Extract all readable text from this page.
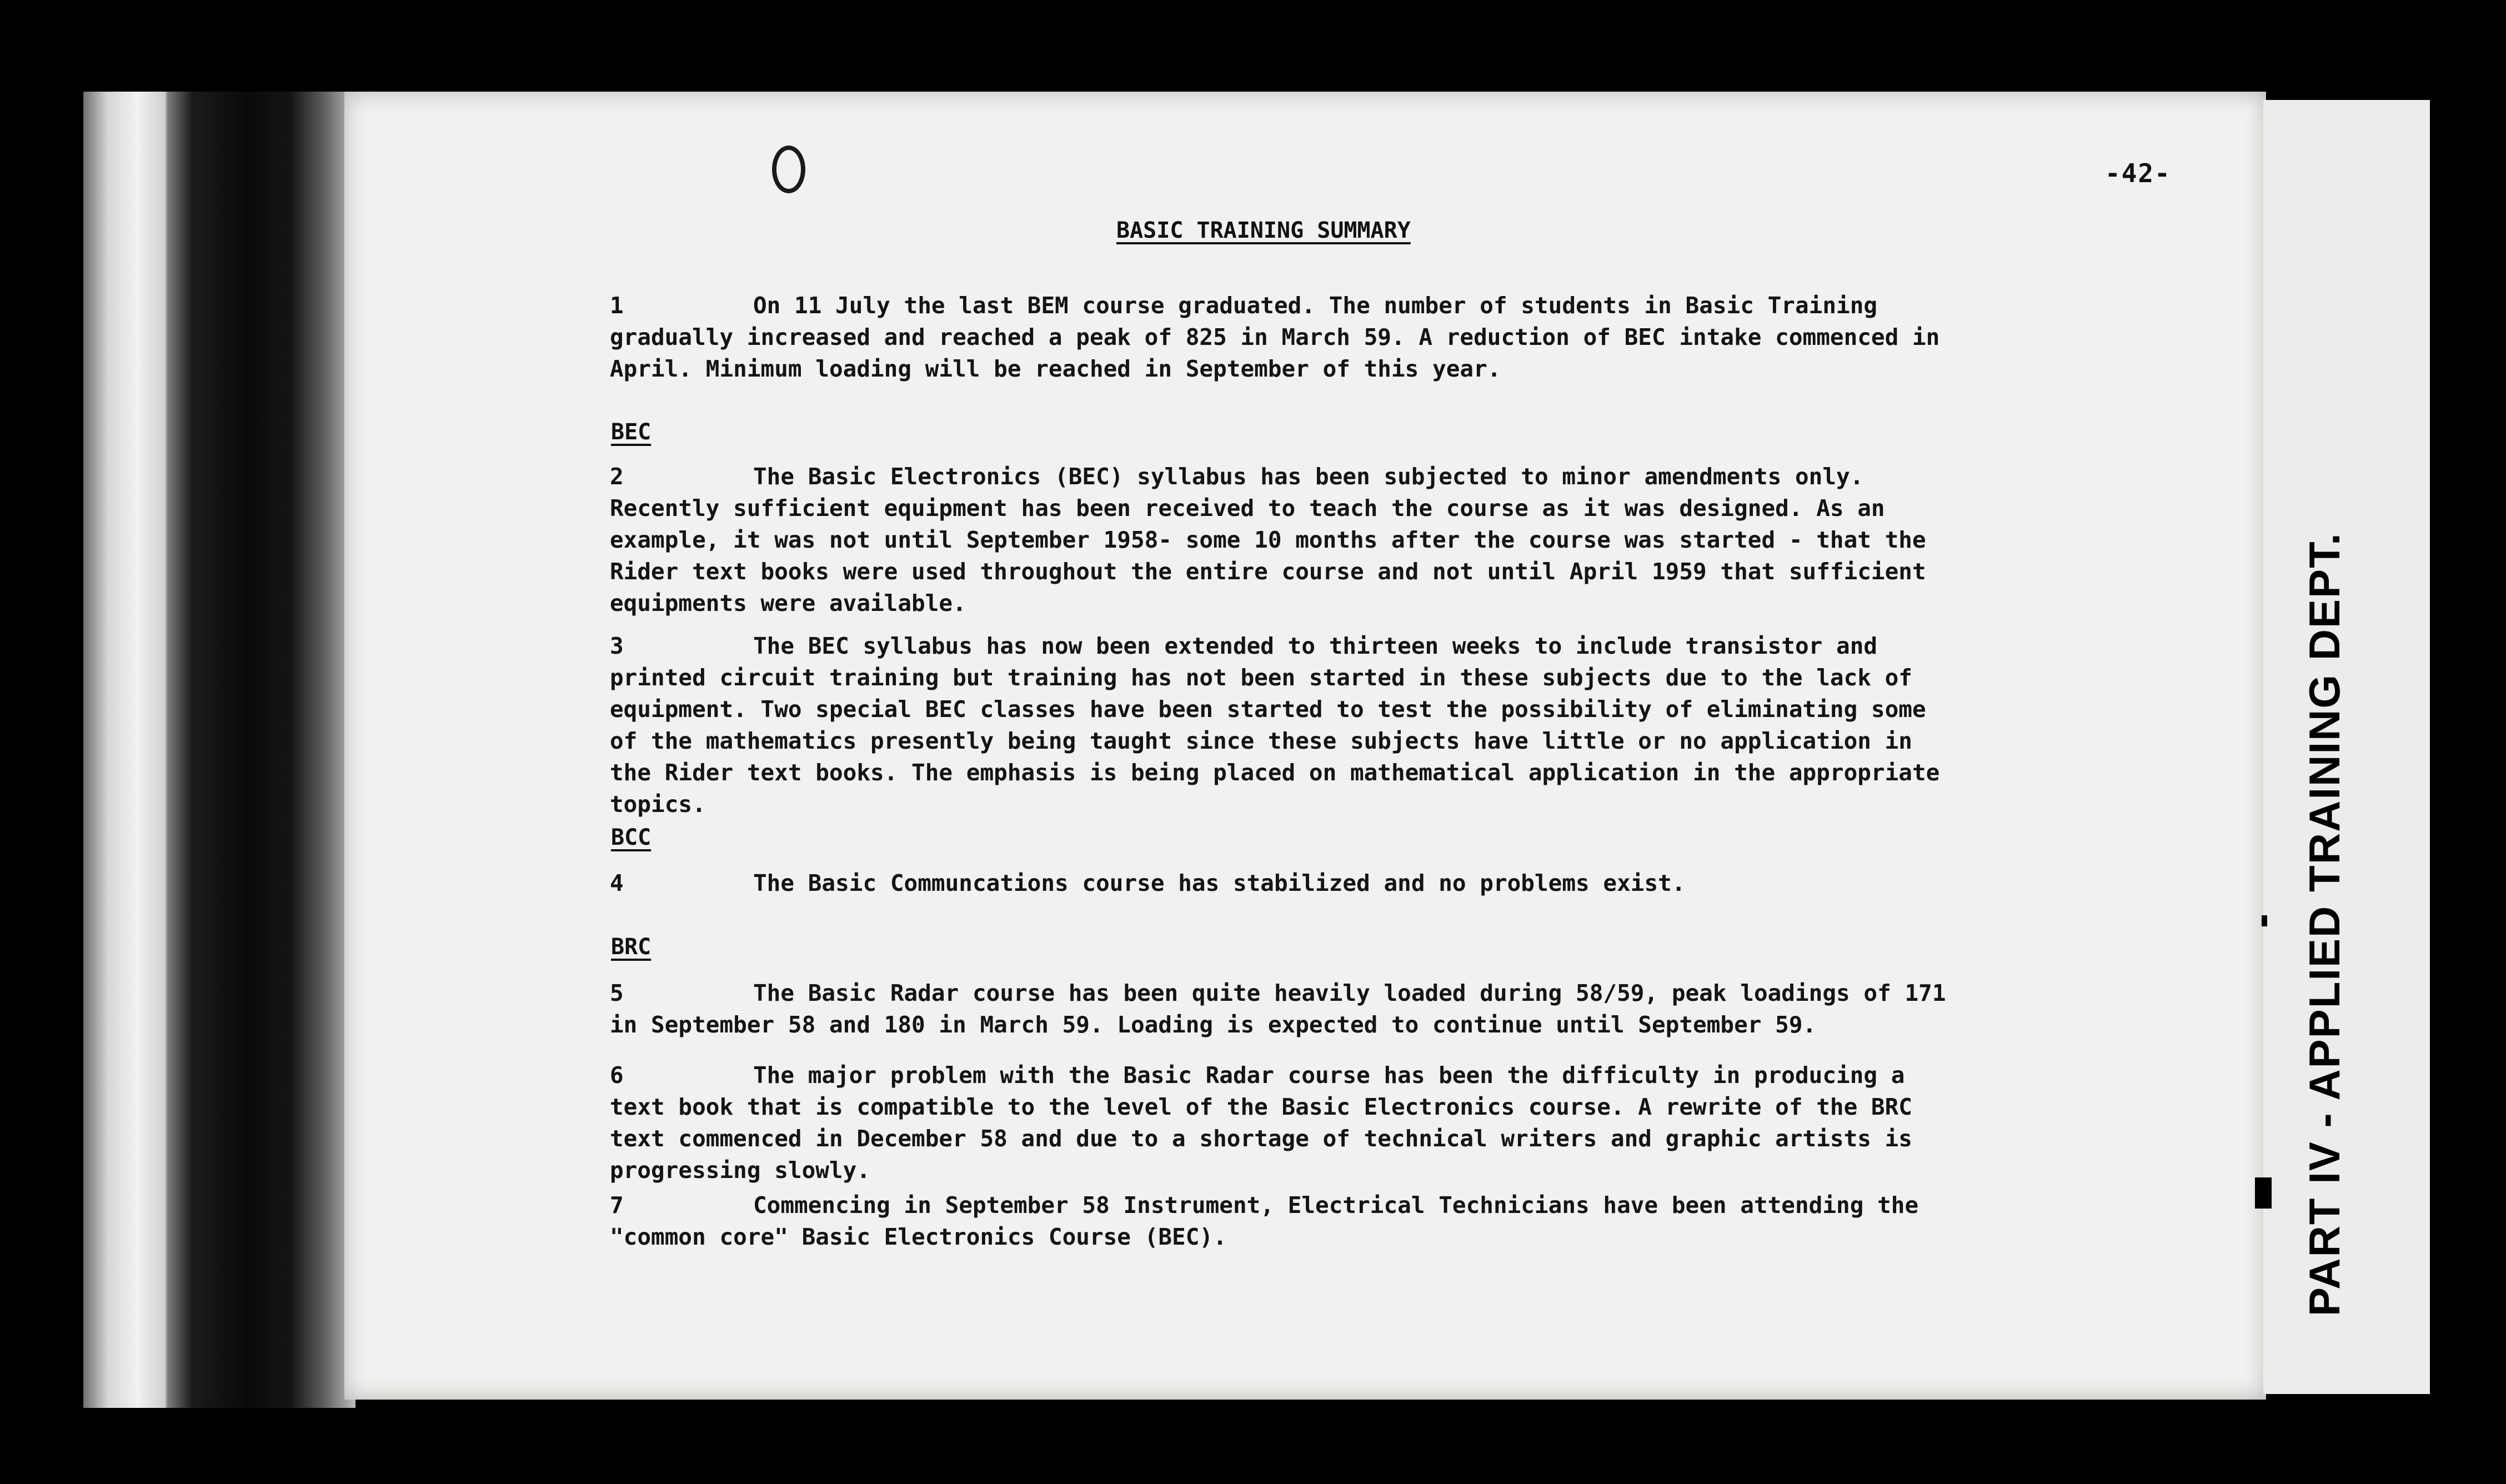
-42-
BASIC TRAINING SUMMARY
1	On 11 July the last BEM course graduated. The number of students in Basic Training gradually increased and reached a peak of 825 in March 59. A reduction of BEC intake commenced in April. Minimum loading will be reached in September of this year.
BEC
2	The Basic Electronics (BEC) syllabus has been subjected to minor amendments only. Recently sufficient equipment has been received to teach the course as it was designed. As an example, it was not until September 1958- some 10 months after the course was started - that the Rider text books were used throughout the entire course and not until April 1959 that sufficient equipments were available.
3	The BEC syllabus has now been extended to thirteen weeks to include transistor and printed circuit training but training has not been started in these subjects due to the lack of equipment. Two special BEC classes have been started to test the possibility of eliminating some of the mathematics presently being taught since these subjects have little or no application in the Rider text books. The emphasis is being placed on mathematical application in the appropriate topics.
BCC
4	The Basic Communcations course has stabilized and no problems exist.
BRC
5	The Basic Radar course has been quite heavily loaded during 58/59, peak loadings of 171 in September 58 and 180 in March 59. Loading is expected to continue until September 59.
6	The major problem with the Basic Radar course has been the difficulty in producing a text book that is compatible to the level of the Basic Electronics course. A rewrite of the BRC text commenced in December 58 and due to a shortage of technical writers and graphic artists is progressing slowly.
7	Commencing in September 58 Instrument, Electrical Technicians have been attending the "common core" Basic Electronics Course (BEC).	PART IV - APPLIED TRAINING DEPT.
